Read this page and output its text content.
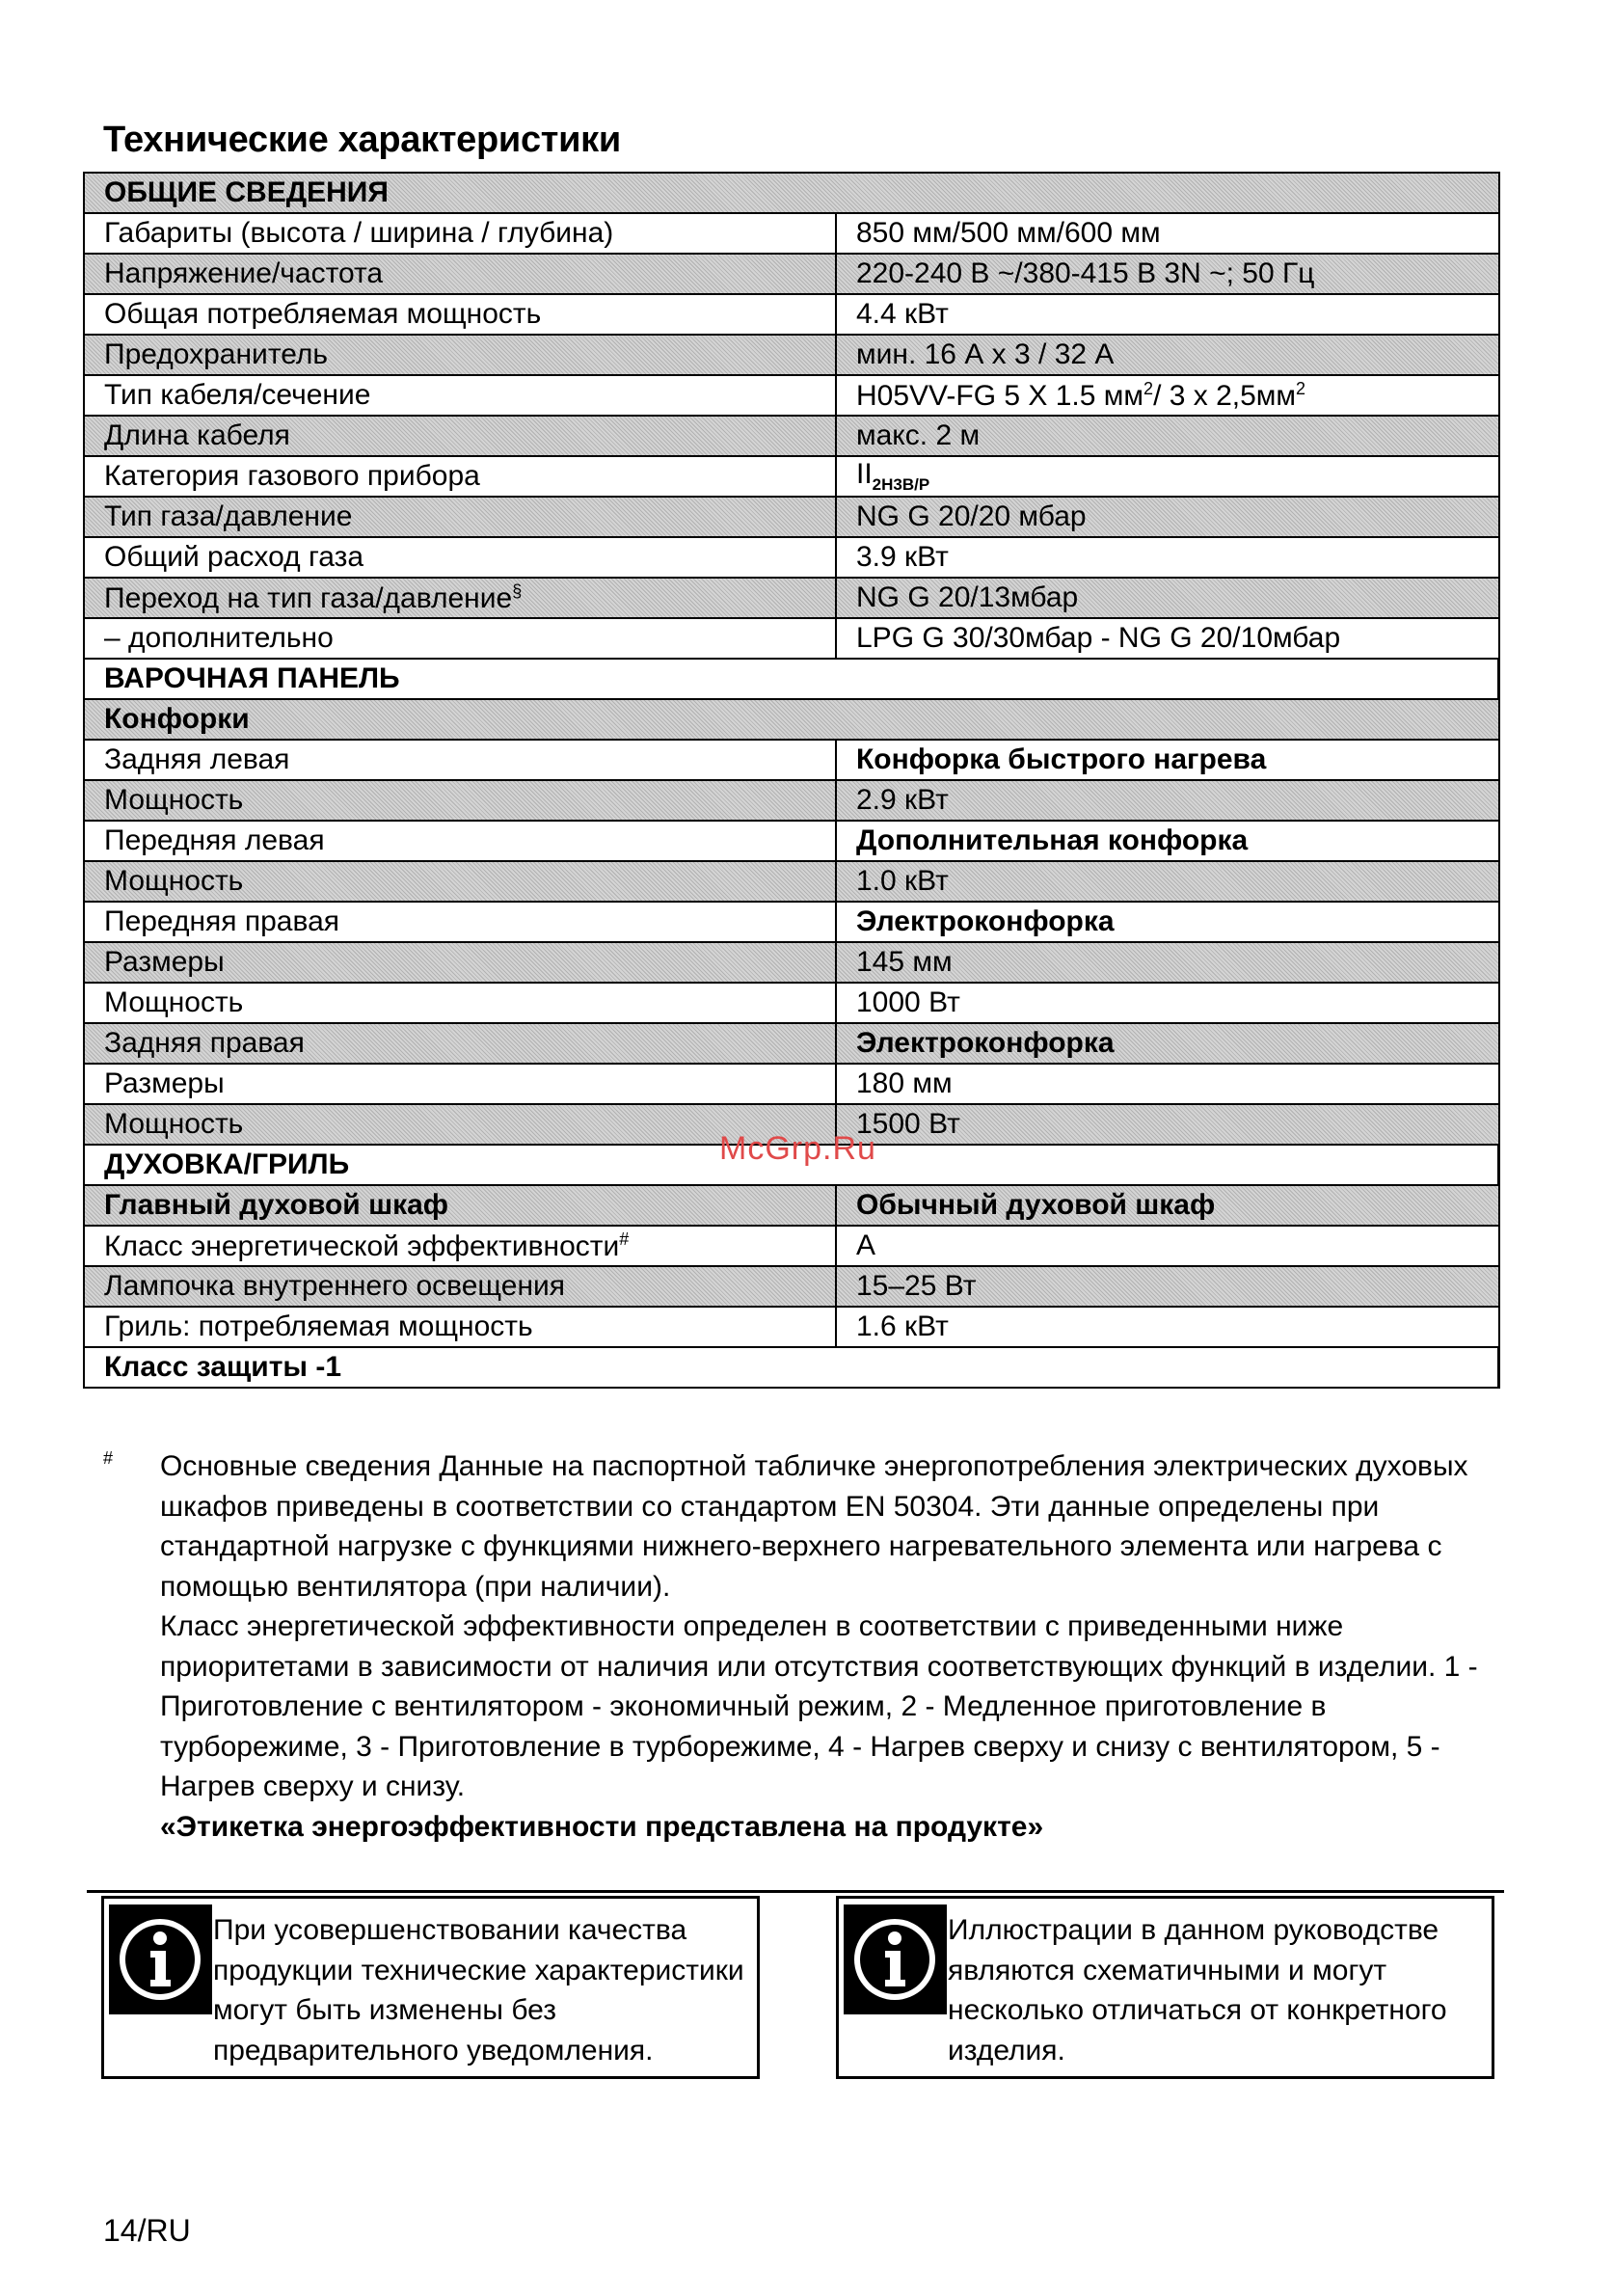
Технические характеристики
ОБЩИЕ СВЕДЕНИЯ	
Габариты (высота / ширина / глубина)	850 мм/500 мм/600 мм
Напряжение/частота	220-240 В ~/380-415 В 3N ~; 50 Гц
Общая потребляемая мощность	4.4 кВт
Предохранитель	мин. 16 А x 3 / 32 А
Тип кабеля/сечение	H05VV-FG 5 X 1.5 $мм^2/$ 3 x $2,5мм^2$
Длина кабеля	макс. 2 м
Категория газового прибора	$II_{2Н3В/Р}$
Тип газа/давление	NG G 20/20 мбар
Общий расход газа	3.9 кВт
Переход на тип газа/давление§	NG G 20/13мбар
– дополнительно	LPG G 30/30мбар - NG G 20/10мбар
ВАРОЧНАЯ ПАНЕЛЬ	
Конфорки	
Задняя левая	Конфорка быстрого нагрева
Мощность	2.9 кВт
Передняя левая	Дополнительная конфорка
Мощность	1.0 кВт
Передняя правая	Электроконфорка
Размеры	145 мм
Мощность	1000 Вт
Задняя правая	Электроконфорка
Размеры	180 мм
Мощность	1500 Вт
ДУХОВКА/ГРИЛЬ	
Главный духовой шкаф	Обычный духовой шкаф
Класс энергетической эффективности#	A
Лампочка внутреннего освещения	15–25 Вт
Гриль: потребляемая мощность	1.6 кВт
Класс защиты -1	
McGrp.Ru
# Основные сведения Данные на паспортной табличке энергопотребления электрических духовых шкафов приведены в соответствии со стандартом EN 50304. Эти данные определены при стандартной нагрузке с функциями нижнего-верхнего нагревательного элемента или нагрева с помощью вентилятора (при наличии).
Класс энергетической эффективности определен в соответствии с приведенными ниже приоритетами в зависимости от наличия или отсутствия соответствующих функций в изделии. 1 - Приготовление с вентилятором - экономичный режим, 2 - Медленное приготовление в турборежиме, 3 - Приготовление в турборежиме, 4 - Нагрев сверху и снизу с вентилятором, 5 - Нагрев сверху и снизу.
«Этикетка энергоэффективности представлена на продукте»
При усовершенствовании качества продукции технические характеристики могут быть изменены без предварительного уведомления.
Иллюстрации в данном руководстве являются схематичными и могут несколько отличаться от конкретного изделия.
14/RU
